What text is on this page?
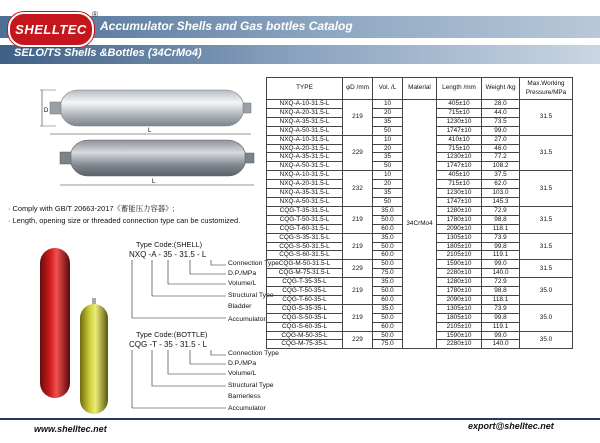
SHELLTEC
®
Accumulator Shells and Gas bottles Catalog
SELO/TS Shells &Bottles (34CrMo4)
D
L
L
· Comply with GB/T 20663-2017《蓄能压力容器》;
· Length, opening size or threaded connection type can be customized.
Type Code:(SHELL)
NXQ -A - 35 - 31.5 - L
Connection Type
D.P./MPa
Volume/L
Structural Type
Bladder
Accumulator
Type Code:(BOTTLE)
CQG -T - 35 - 31.5 - L
Connection Type
D.P./MPa
Volume/L
Structural Type
Barrierless
Accumulator
TYPE	φD /mm	Vol. /L	Material	Length /mm	Weight /kg	Max.Working Pressure/MPa
NXQ-A-10-31.5-L	219	10	34CrMo4	405±10	28.0	31.5
NXQ-A-20-31.5-L		20		715±10	44.0	
NXQ-A-35-31.5-L		35		1230±10	73.5	
NXQ-A-50-31.5-L		50		1747±10	99.0	
NXQ-A-10-31.5-L	229	10		410±10	27.0	31.5
NXQ-A-20-31.5-L		20		715±10	46.0	
NXQ-A-35-31.5-L		35		1230±10	77.2	
NXQ-A-50-31.5-L		50		1747±10	108.2	
NXQ-A-10-31.5-L	232	10		405±10	37.5	31.5
NXQ-A-20-31.5-L		20		715±10	62.0	
NXQ-A-35-31.5-L		35		1230±10	103.0	
NXQ-A-50-31.5-L		50		1747±10	145.3	
CQG-T-35-31.5-L	219	35.0		1280±10	72.9	31.5
CQG-T-50-31.5-L		50.0		1780±10	98.8	
CQG-T-60-31.5-L		60.0		2090±10	118.1	
CQG-S-35-31.5-L	219	35.0		1305±10	73.9	31.5
CQG-S-50-31.5-L		50.0		1805±10	99.8	
CQG-S-60-31.5-L		60.0		2105±10	119.1	
CQG-M-50-31.5-L	229	50.0		1590±10	99.0	31.5
CQG-M-75-31.5-L		75.0		2280±10	140.0	
CQG-T-35-35-L	219	35.0		1280±10	72.9	35.0
CQG-T-50-35-L		50.0		1780±10	98.8	
CQG-T-60-35-L		60.0		2090±10	118.1	
CQG-S-35-35-L	219	35.0		1305±10	73.9	35.0
CQG-S-50-35-L		50.0		1805±10	99.8	
CQG-S-60-35-L		60.0		2105±10	119.1	
CQG-M-50-35-L	229	50.0		1590±10	99.0	35.0
CQG-M-75-35-L		75.0		2280±10	140.0	
www.shelltec.net	export@shelltec.net
